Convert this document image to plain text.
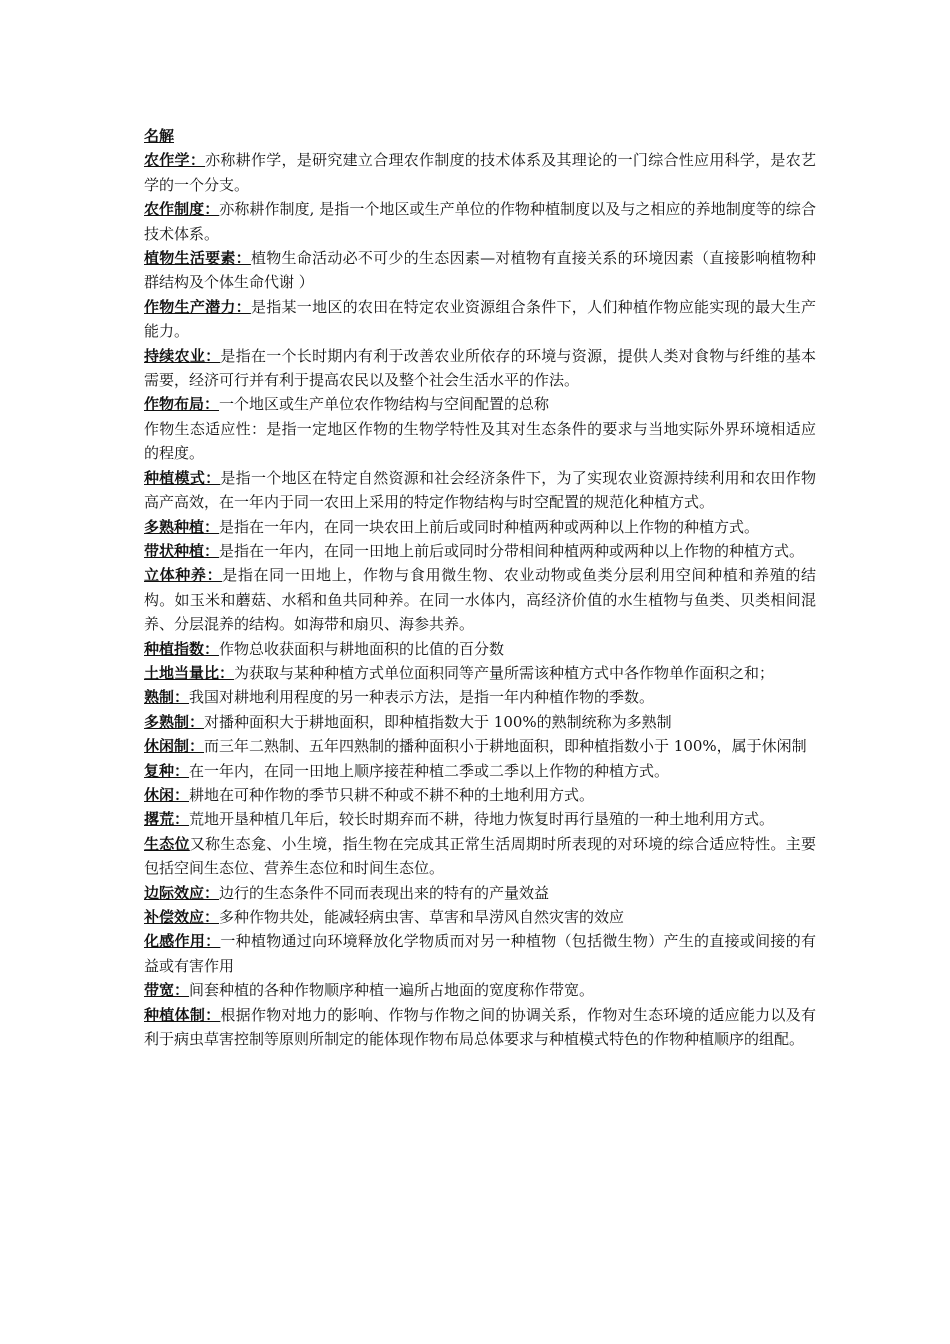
名解

农作学：亦称耕作学，是研究建立合理农作制度的技术体系及其理论的一门综合性应用科学，是农艺学的一个分支。

农作制度：亦称耕作制度, 是指一个地区或生产单位的作物种植制度以及与之相应的养地制度等的综合技术体系。

植物生活要素：植物生命活动必不可少的生态因素—对植物有直接关系的环境因素（直接影响植物种群结构及个体生命代谢 ）

作物生产潜力：是指某一地区的农田在特定农业资源组合条件下，人们种植作物应能实现的最大生产能力。

持续农业：是指在一个长时期内有利于改善农业所依存的环境与资源，提供人类对食物与纤维的基本需要，经济可行并有利于提高农民以及整个社会生活水平的作法。

作物布局：一个地区或生产单位农作物结构与空间配置的总称

作物生态适应性：是指一定地区作物的生物学特性及其对生态条件的要求与当地实际外界环境相适应的程度。

种植模式：是指一个地区在特定自然资源和社会经济条件下，为了实现农业资源持续利用和农田作物高产高效，在一年内于同一农田上采用的特定作物结构与时空配置的规范化种植方式。

多熟种植：是指在一年内，在同一块农田上前后或同时种植两种或两种以上作物的种植方式。

带状种植：是指在一年内，在同一田地上前后或同时分带相间种植两种或两种以上作物的种植方式。

立体种养：是指在同一田地上，作物与食用微生物、农业动物或鱼类分层利用空间种植和养殖的结构。如玉米和蘑菇、水稻和鱼共同种养。在同一水体内，高经济价值的水生植物与鱼类、贝类相间混养、分层混养的结构。如海带和扇贝、海参共养。

种植指数：作物总收获面积与耕地面积的比值的百分数

土地当量比：为获取与某种种植方式单位面积同等产量所需该种植方式中各作物单作面积之和；

熟制：我国对耕地利用程度的另一种表示方法，是指一年内种植作物的季数。

多熟制：对播种面积大于耕地面积，即种植指数大于 100%的熟制统称为多熟制

休闲制：而三年二熟制、五年四熟制的播种面积小于耕地面积，即种植指数小于 100%，属于休闲制

复种：在一年内，在同一田地上顺序接茬种植二季或二季以上作物的种植方式。

休闲：耕地在可种作物的季节只耕不种或不耕不种的土地利用方式。

撂荒：荒地开垦种植几年后，较长时期弃而不耕，待地力恢复时再行垦殖的一种土地利用方式。

生态位又称生态龛、小生境，指生物在完成其正常生活周期时所表现的对环境的综合适应特性。主要包括空间生态位、营养生态位和时间生态位。

边际效应：边行的生态条件不同而表现出来的特有的产量效益

补偿效应：多种作物共处，能减轻病虫害、草害和旱涝风自然灾害的效应

化感作用：一种植物通过向环境释放化学物质而对另一种植物（包括微生物）产生的直接或间接的有益或有害作用

带宽：间套种植的各种作物顺序种植一遍所占地面的宽度称作带宽。

种植体制：根据作物对地力的影响、作物与作物之间的协调关系，作物对生态环境的适应能力以及有利于病虫草害控制等原则所制定的能体现作物布局总体要求与种植模式特色的作物种植顺序的组配。
